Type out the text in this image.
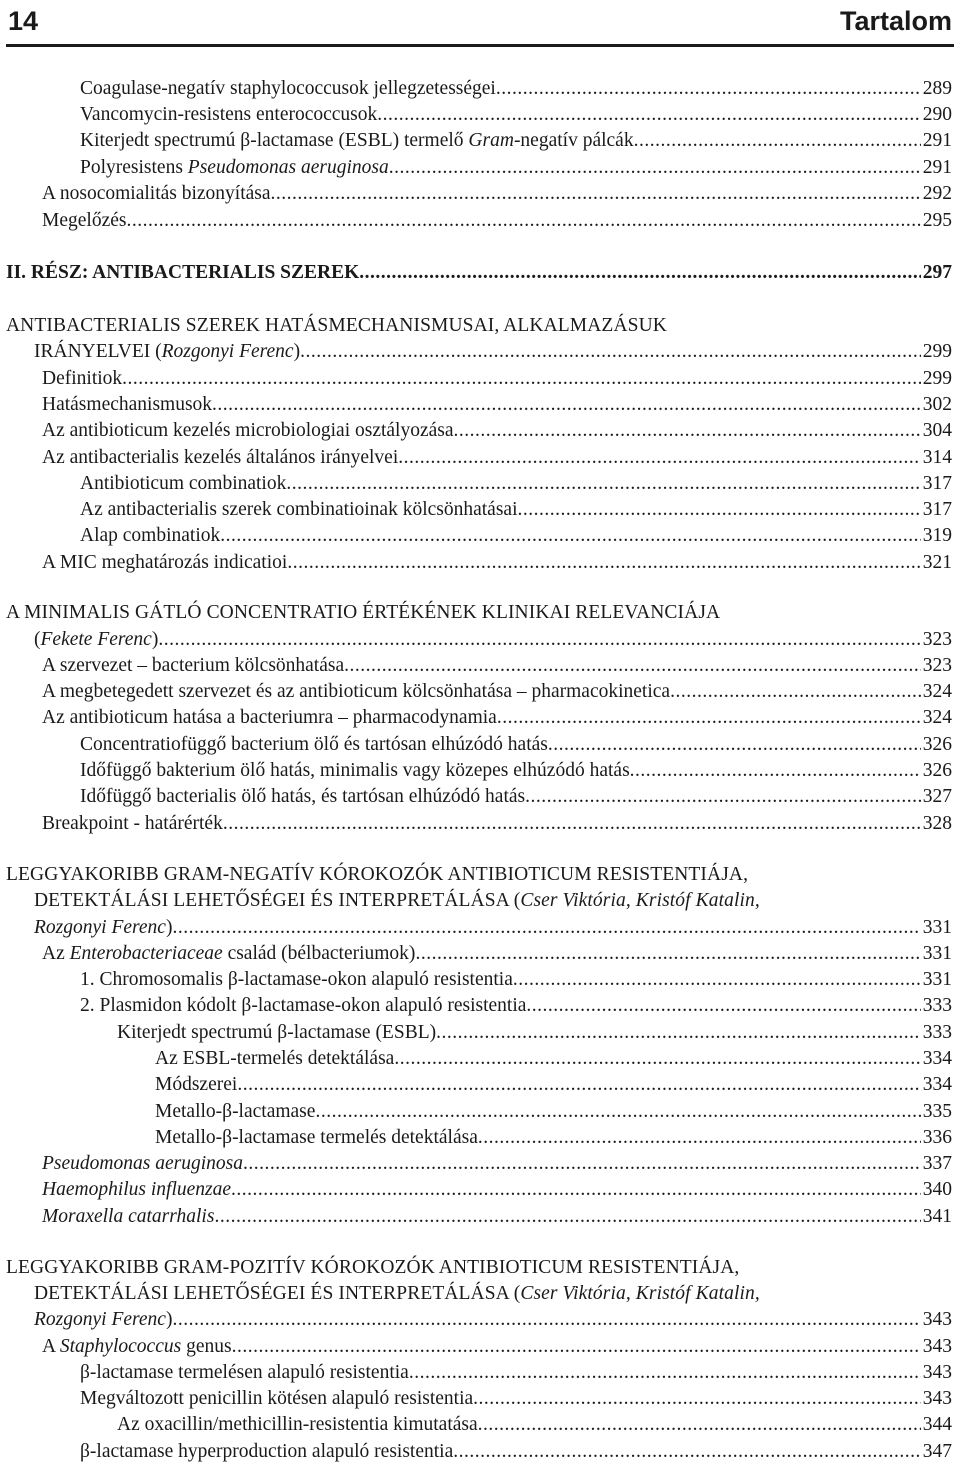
14	Tartalom
Coagulase-negatív staphylococcusok jellegzetességei .....	289
Vancomycin-resistens enterococcusok .....	290
Kiterjedt spectrumú β-lactamase (ESBL) termelő Gram-negatív pálcák .....	291
Polyresistens Pseudomonas aeruginosa .....	291
A nosocomialitás bizonyítása .....	292
Megelőzés .....	295
II. RÉSZ: ANTIBACTERIALIS SZEREK .....	297
ANTIBACTERIALIS SZEREK HATÁSMECHANISMUSAI, ALKALMAZÁSUK
IRÁNYELVEI (Rozgonyi Ferenc) .....	299
Definitiok .....	299
Hatásmechanismusok .....	302
Az antibioticum kezelés microbiologiai osztályozása .....	304
Az antibacterialis kezelés általános irányelvei .....	314
Antibioticum combinatiok .....	317
Az antibacterialis szerek combinatioinak kölcsönhatásai .....	317
Alap combinatiok .....	319
A MIC meghatározás indicatioi .....	321
A MINIMALIS GÁTLÓ CONCENTRATIO ÉRTÉKÉNEK KLINIKAI RELEVANCIÁJA
(Fekete Ferenc) .....	323
A szervezet – bacterium kölcsönhatása .....	323
A megbetegedett szervezet és az antibioticum kölcsönhatása – pharmacokinetica .....	324
Az antibioticum hatása a bacteriumra – pharmacodynamia .....	324
Concentratiofüggő bacterium ölő és tartósan elhúzódó hatás .....	326
Időfüggő bakterium ölő hatás, minimalis vagy közepes elhúzódó hatás .....	326
Időfüggő bacterialis ölő hatás, és tartósan elhúzódó hatás .....	327
Breakpoint - határérték .....	328
LEGGYAKORIBB GRAM-NEGATÍV KÓROKOZÓK ANTIBIOTICUM RESISTENTIÁJA,
DETEKTÁLÁSI LEHETŐSÉGEI ÉS INTERPRETÁLÁSA (Cser Viktória, Kristóf Katalin,
Rozgonyi Ferenc) .....	331
Az Enterobacteriaceae család (bélbacteriumok) .....	331
1. Chromosomalis β-lactamase-okon alapuló resistentia .....	331
2. Plasmidon kódolt β-lactamase-okon alapuló resistentia .....	333
Kiterjedt spectrumú β-lactamase (ESBL) .....	333
Az ESBL-termelés detektálása .....	334
Módszerei .....	334
Metallo-β-lactamase .....	335
Metallo-β-lactamase termelés detektálása .....	336
Pseudomonas aeruginosa .....	337
Haemophilus influenzae .....	340
Moraxella catarrhalis .....	341
LEGGYAKORIBB GRAM-POZITÍV KÓROKOZÓK ANTIBIOTICUM RESISTENTIÁJA,
DETEKTÁLÁSI LEHETŐSÉGEI ÉS INTERPRETÁLÁSA (Cser Viktória, Kristóf Katalin,
Rozgonyi Ferenc) .....	343
A Staphylococcus genus .....	343
β-lactamase termelésen alapuló resistentia .....	343
Megváltozott penicillin kötésen alapuló resistentia .....	343
Az oxacillin/methicillin-resistentia kimutatása .....	344
β-lactamase hyperproduction alapuló resistentia .....	347
